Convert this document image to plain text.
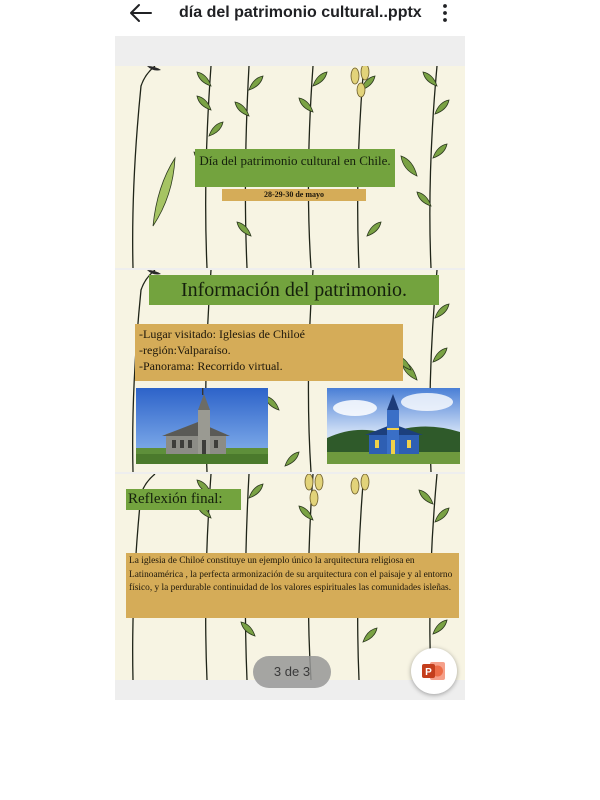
día del patrimonio cultural..pptx
Día del patrimonio cultural en Chile.
28-29-30 de mayo
Información del patrimonio.
-Lugar visitado: Iglesias de Chiloé
-región:Valparaíso.
-Panorama: Recorrido virtual.
Reflexión final:
La iglesia de Chiloé constituye un ejemplo único la arquitectura religiosa en Latinoamérica , la perfecta armonización de su arquitectura con el paisaje y al entorno físico, y la perdurable continuidad de los valores espirituales las comunidades isleñas.
3 de 3	P
